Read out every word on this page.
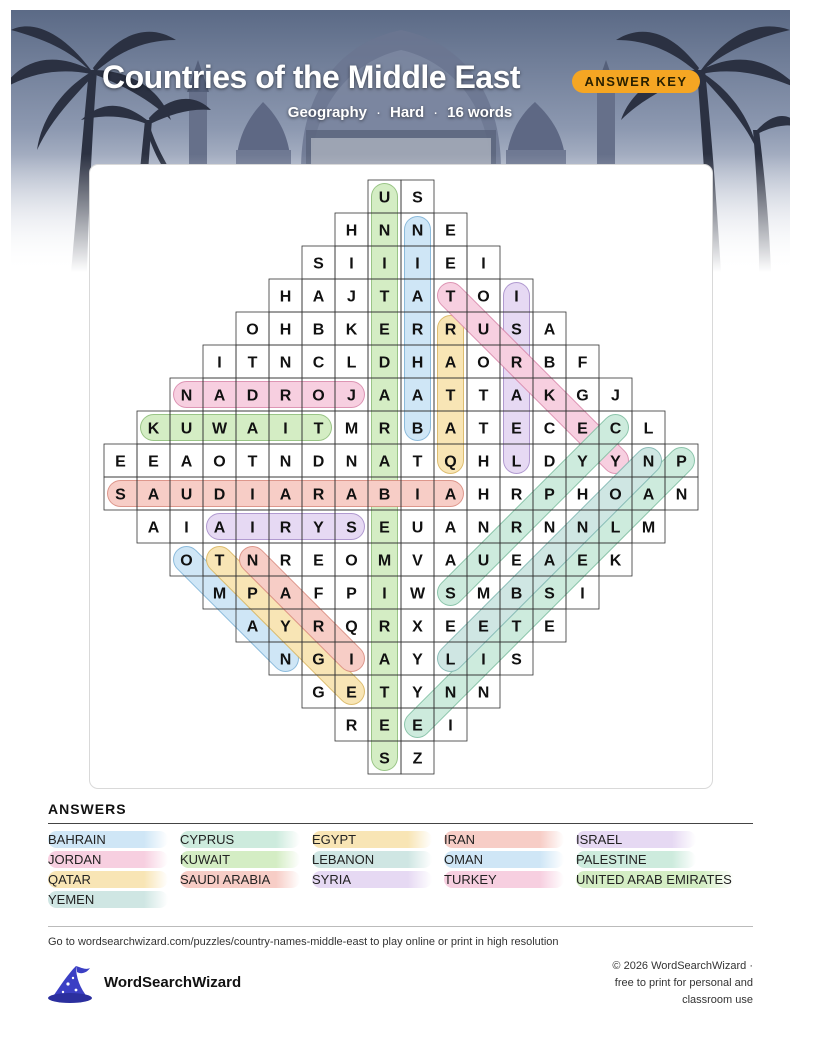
Countries of the Middle East	ANSWER KEY
Geography · Hard · 16 words
U S
H N N E
S I I I E I
H A J T A T O I
O H B K E R R U S A
I T N C L D H A O R B F
N A D R O J A A T T A K G J
K U W A I T M R B A T E C E C L
E E A O T N D N A T Q H L D Y Y N P
S A U D I A R A B I A H R P H O A N
A I A I R Y S E U A N R N N L M
O T N R E O M V A U E A E K
M P A F P I W S M B S I
A Y R Q R X E E T E
N G I A Y L I S
G E T Y N N
R E E I
S Z
ANSWERS
BAHRAIN	CYPRUS	EGYPT	IRAN	ISRAEL
JORDAN	KUWAIT	LEBANON	OMAN	PALESTINE
QATAR	SAUDI ARABIA	SYRIA	TURKEY	UNITED ARAB EMIRATES
YEMEN
Go to wordsearchwizard.com/puzzles/country-names-middle-east to play online or print in high resolution
WordSearchWizard
© 2026 WordSearchWizard ·
free to print for personal and
classroom use
